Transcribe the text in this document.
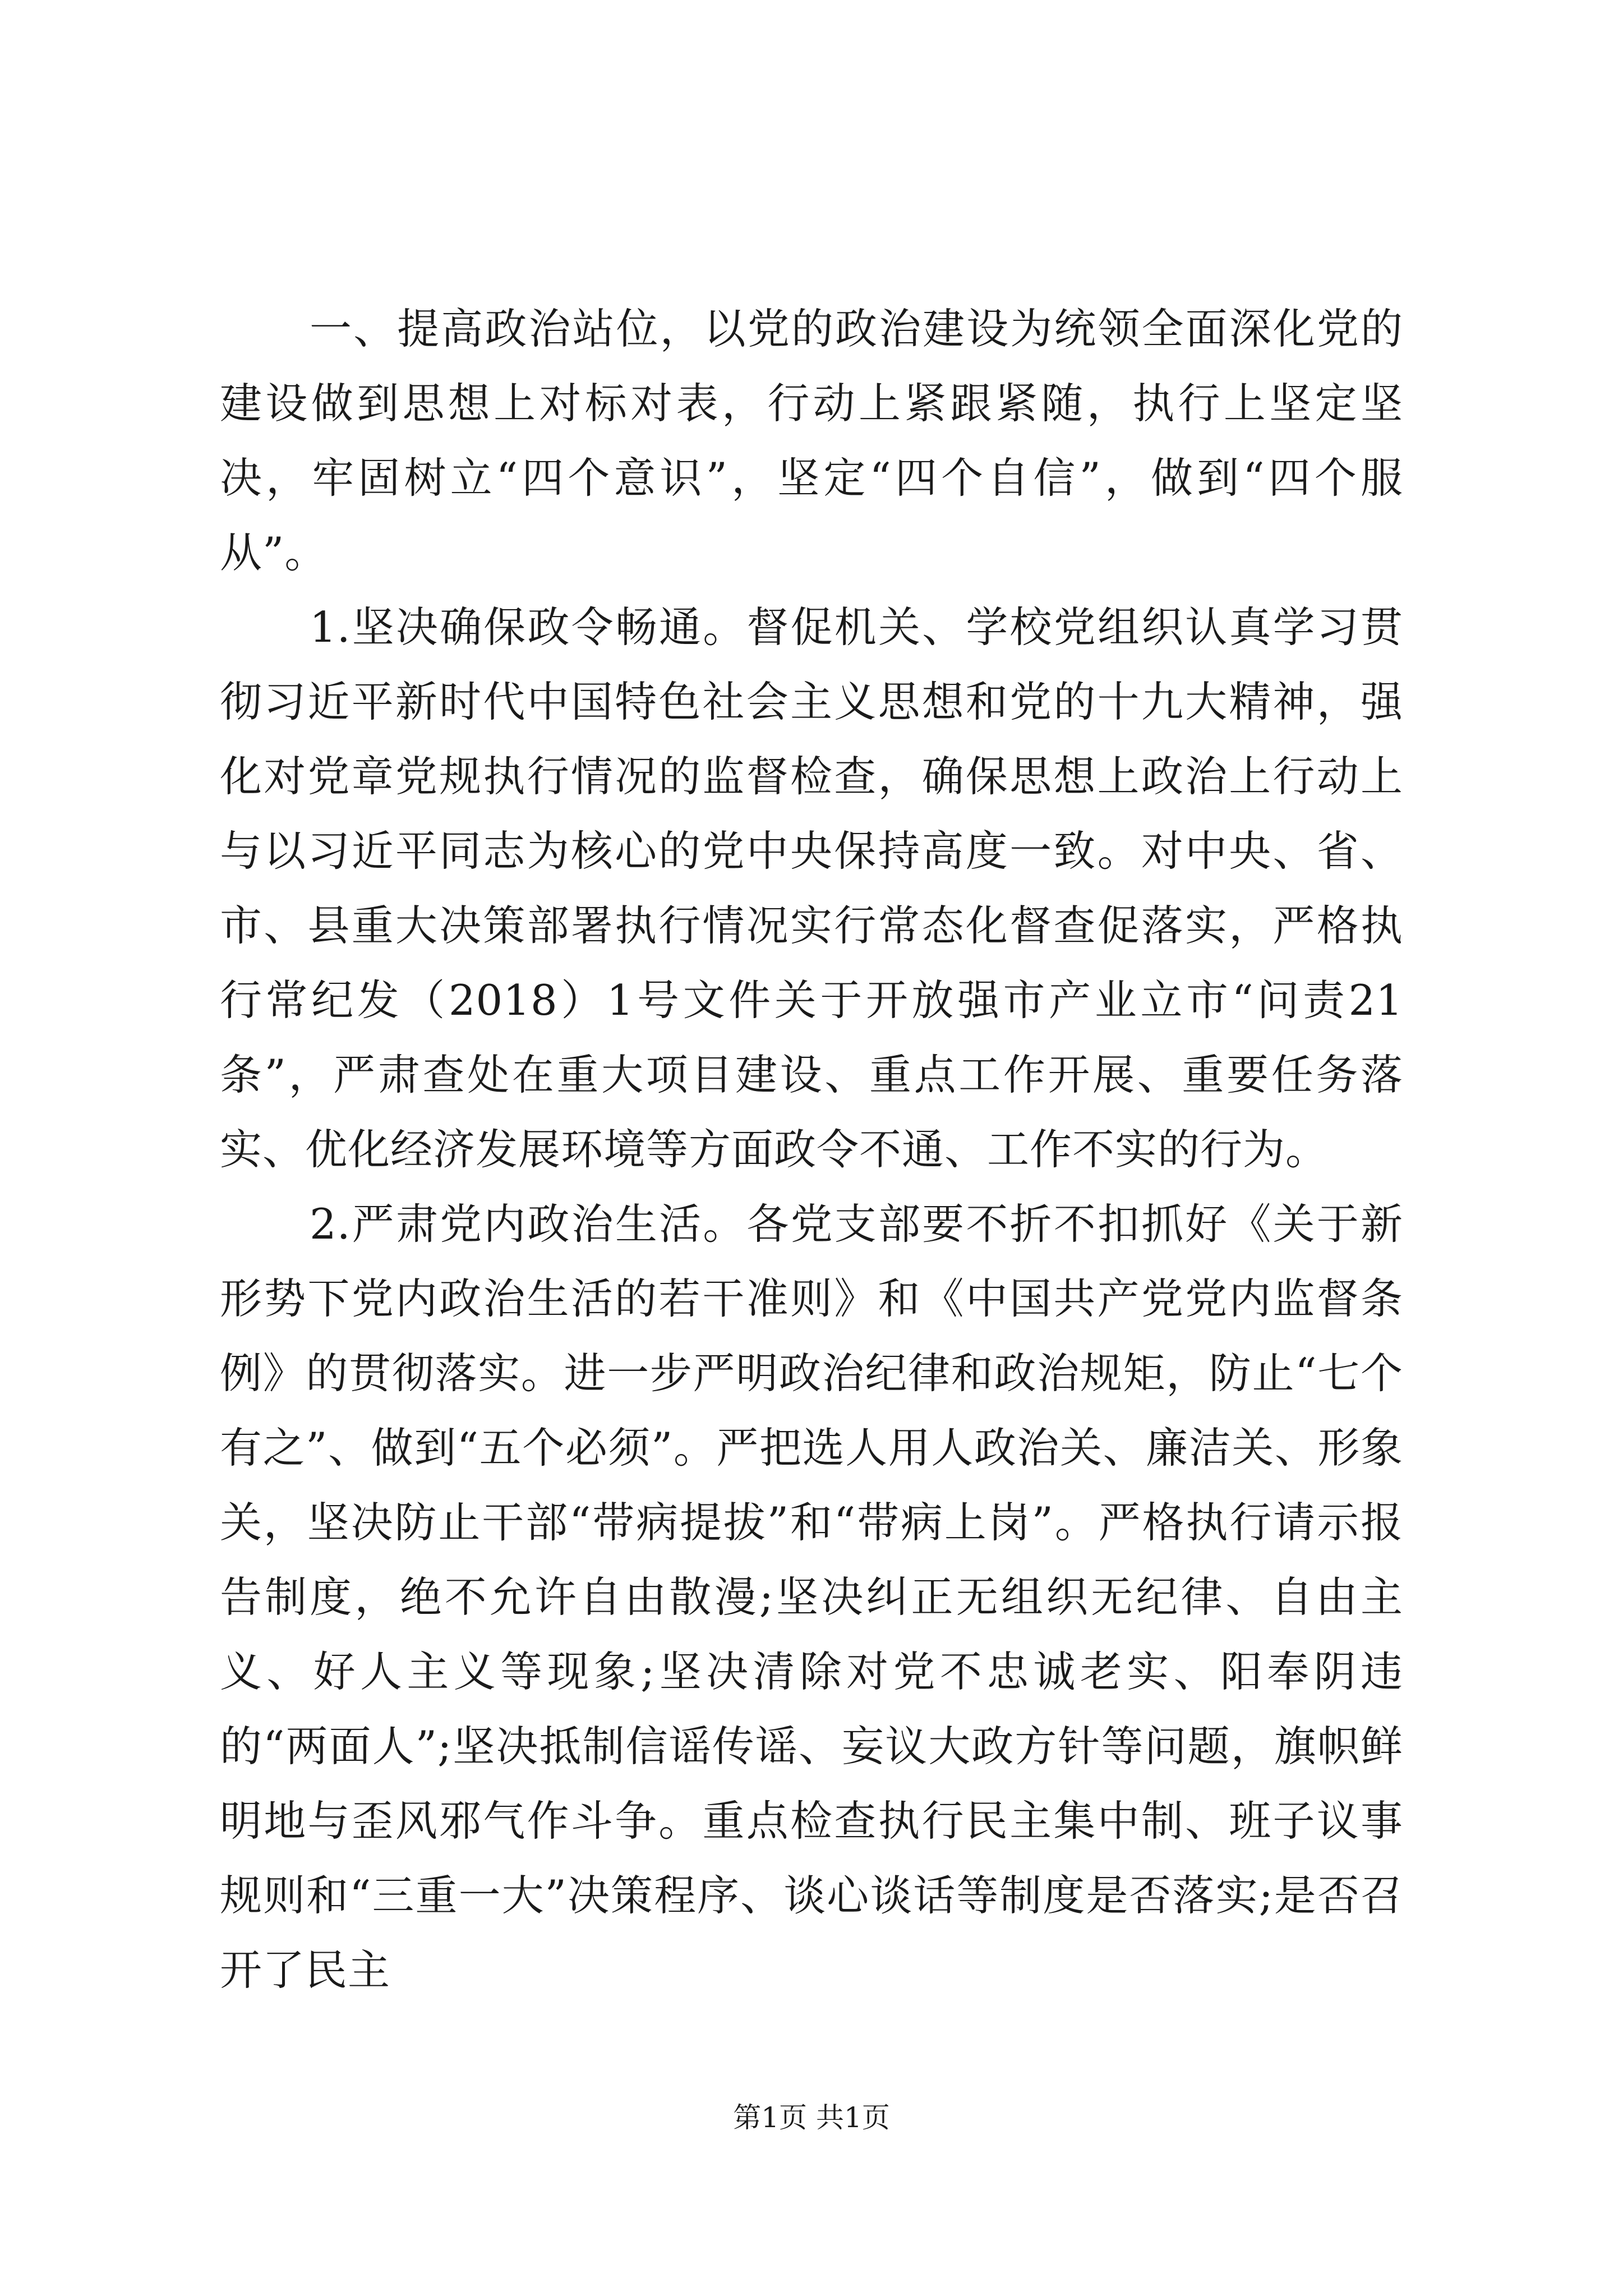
一、提高政治站位，以党的政治建设为统领全面深化党的建设做到思想上对标对表，行动上紧跟紧随，执行上坚定坚决，牢固树立“四个意识”，坚定“四个自信”，做到“四个服从”。

1.坚决确保政令畅通。督促机关、学校党组织认真学习贯彻习近平新时代中国特色社会主义思想和党的十九大精神，强化对党章党规执行情况的监督检查，确保思想上政治上行动上与以习近平同志为核心的党中央保持高度一致。对中央、省、市、县重大决策部署执行情况实行常态化督查促落实，严格执行常纪发（2018）1号文件关于开放强市产业立市“问责21条”，严肃查处在重大项目建设、重点工作开展、重要任务落实、优化经济发展环境等方面政令不通、工作不实的行为。

2.严肃党内政治生活。各党支部要不折不扣抓好《关于新形势下党内政治生活的若干准则》和《中国共产党党内监督条例》的贯彻落实。进一步严明政治纪律和政治规矩，防止“七个有之”、做到“五个必须”。严把选人用人政治关、廉洁关、形象关，坚决防止干部“带病提拔”和“带病上岗”。严格执行请示报告制度，绝不允许自由散漫;坚决纠正无组织无纪律、自由主义、好人主义等现象;坚决清除对党不忠诚老实、阳奉阴违的“两面人”;坚决抵制信谣传谣、妄议大政方针等问题，旗帜鲜明地与歪风邪气作斗争。重点检查执行民主集中制、班子议事规则和“三重一大”决策程序、谈心谈话等制度是否落实;是否召开了民主

第1页 共1页
